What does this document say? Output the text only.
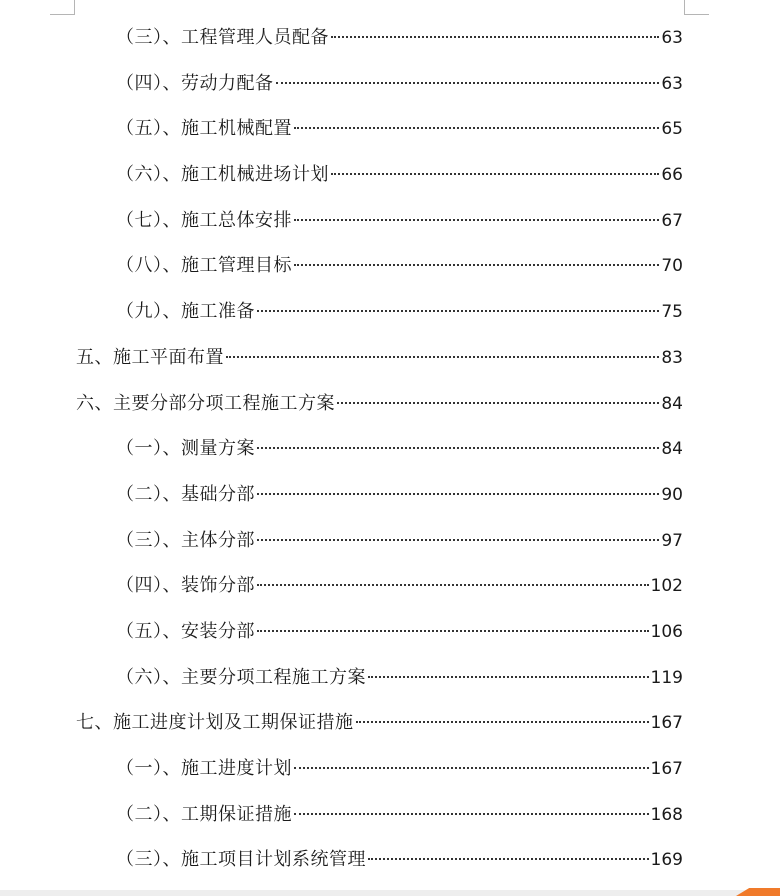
（三）、工程管理人员配备	63
（四）、劳动力配备	63
（五）、施工机械配置	65
（六）、施工机械进场计划	66
（七）、施工总体安排	67
（八）、施工管理目标	70
（九）、施工准备	75
五、施工平面布置	83
六、主要分部分项工程施工方案	84
（一）、测量方案	84
（二）、基础分部	90
（三）、主体分部	97
（四）、装饰分部	102
（五）、安装分部	106
（六）、主要分项工程施工方案	119
七、施工进度计划及工期保证措施	167
（一）、施工进度计划	167
（二）、工期保证措施	168
（三）、施工项目计划系统管理	169
